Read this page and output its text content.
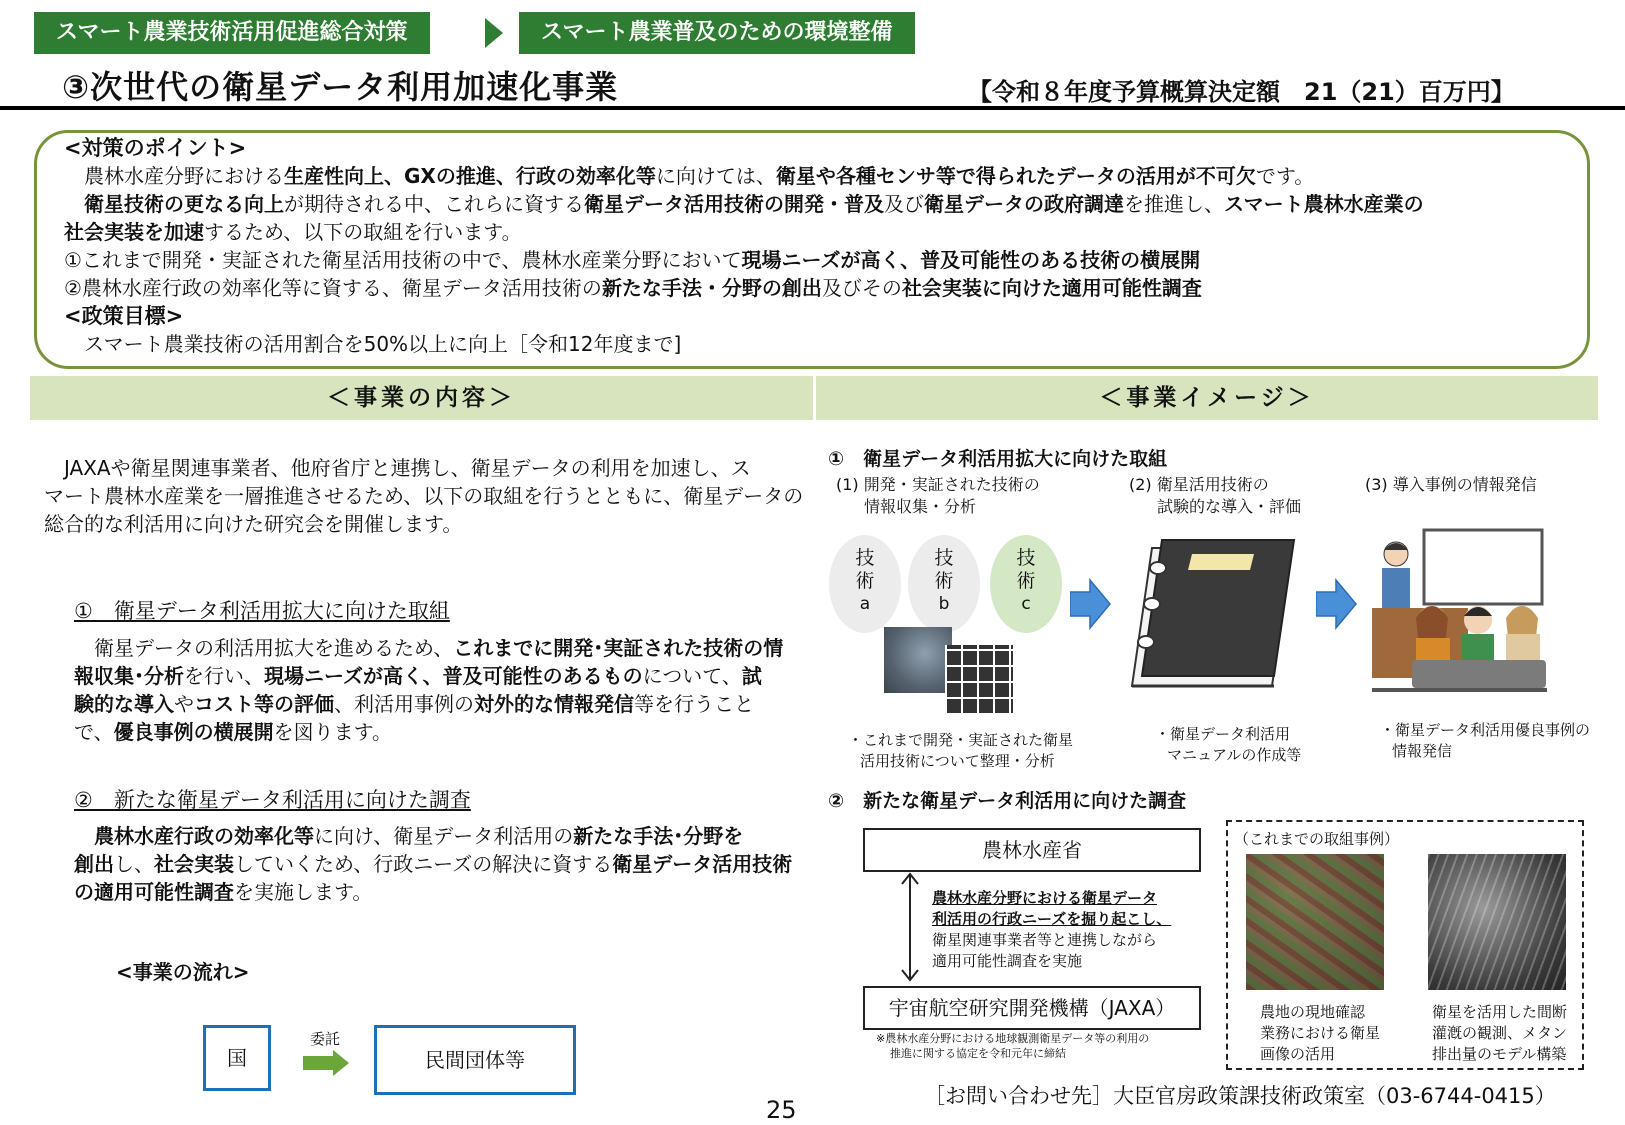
スマート農業技術活用促進総合対策	スマート農業普及のための環境整備
③次世代の衛星データ利用加速化事業	【令和８年度予算概算決定額　21（21）百万円】
<対策のポイント>
　農林水産分野における生産性向上、GXの推進、行政の効率化等に向けては、衛星や各種センサ等で得られたデータの活用が不可欠です。
　衛星技術の更なる向上が期待される中、これらに資する衛星データ活用技術の開発・普及及び衛星データの政府調達を推進し、スマート農林水産業の
社会実装を加速するため、以下の取組を行います。
①これまで開発・実証された衛星活用技術の中で、農林水産業分野において現場ニーズが高く、普及可能性のある技術の横展開
②農林水産行政の効率化等に資する、衛星データ活用技術の新たな手法・分野の創出及びその社会実装に向けた適用可能性調査
<政策目標>
　スマート農業技術の活用割合を50%以上に向上［令和12年度まで]
＜事業の内容＞	＜事業イメージ＞
　JAXAや衛星関連事業者、他府省庁と連携し、衛星データの利用を加速し、ス
マート農林水産業を一層推進させるため、以下の取組を行うとともに、衛星データの
総合的な利活用に向けた研究会を開催します。
①　衛星データ利活用拡大に向けた取組
　衛星データの利活用拡大を進めるため、これまでに開発･実証された技術の情
報収集･分析を行い、現場ニーズが高く、普及可能性のあるものについて、試
験的な導入やコスト等の評価、利活用事例の対外的な情報発信等を行うこと
で、優良事例の横展開を図ります。
②　新たな衛星データ利活用に向けた調査
　農林水産行政の効率化等に向け、衛星データ利活用の新たな手法･分野を
創出し、社会実装していくため、行政ニーズの解決に資する衛星データ活用技術
の適用可能性調査を実施します。
<事業の流れ>
国
委託
民間団体等
25
①　衛星データ利活用拡大に向けた取組
(1) 開発・実証された技術の
情報収集・分析
(2) 衛星活用技術の
試験的な導入・評価
(3) 導入事例の情報発信
技
術
a
技
術
b
技
術
c
・これまで開発・実証された衛星
活用技術について整理・分析
・衛星データ利活用
マニュアルの作成等
・衛星データ利活用優良事例の
情報発信
②　新たな衛星データ利活用に向けた調査
農林水産省
農林水産分野における衛星データ
利活用の行政ニーズを掘り起こし、
衛星関連事業者等と連携しながら
適用可能性調査を実施
宇宙航空研究開発機構（JAXA）
※農林水産分野における地球観測衛星データ等の利用の
推進に関する協定を令和元年に締結
（これまでの取組事例）
農地の現地確認
業務における衛星
画像の活用
衛星を活用した間断
灌漑の観測、メタン
排出量のモデル構築
［お問い合わせ先］大臣官房政策課技術政策室（03-6744-0415）
